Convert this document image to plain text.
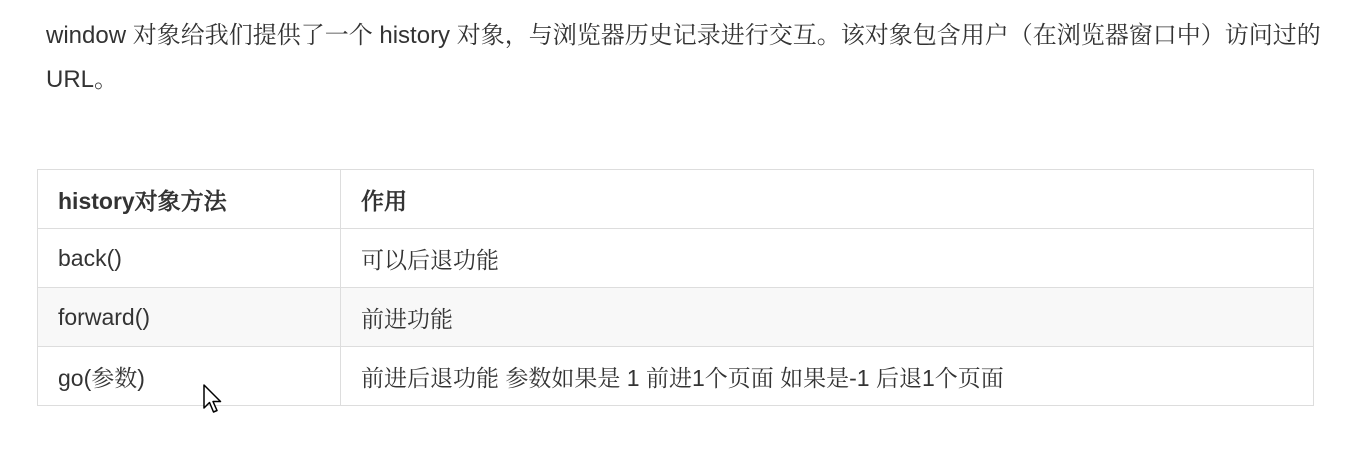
window 对象给我们提供了一个 history 对象，与浏览器历史记录进行交互。该对象包含用户（在浏览器窗口中）访问过的 URL。

history对象方法	作用
back()	可以后退功能
forward()	前进功能
go(参数)	前进后退功能 参数如果是 1 前进1个页面 如果是-1 后退1个页面
